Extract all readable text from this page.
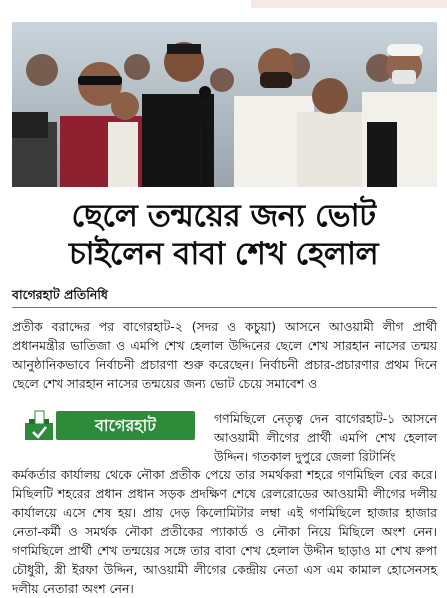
ছেলে তন্ময়ের জন্য ভোট
চাইলেন বাবা শেখ হেলাল
বাগেরহাট প্রতিনিধি
প্রতীক বরাদ্দের পর বাগেরহাট-২ (সদর ও কচুয়া) আসনে আওয়ামী লীগ প্রার্থী প্রধানমন্ত্রীর ভাতিজা ও এমপি শেখ হেলাল উদ্দিনের ছেলে শেখ সারহান নাসের তন্ময় আনুষ্ঠানিকভাবে নির্বাচনী প্রচারণা শুরু করেছেন। নির্বাচনী প্রচার-প্রচারণার প্রথম দিনে ছেলে শেখ সারহান নাসের তন্ময়ের জন্য ভোট চেয়ে সমাবেশ ও
বাগেরহাট	গণমিছিলে নেতৃত্ব দেন বাগেরহাট-১ আসনে আওয়ামী লীগের প্রার্থী এমপি শেখ হেলাল উদ্দিন। গতকাল দুপুরে জেলা রিটার্নিং
কর্মকর্তার কার্যালয় থেকে নৌকা প্রতীক পেয়ে তার সমর্থকরা শহরে গণমিছিল বের করে। মিছিলটি শহরের প্রধান প্রধান সড়ক প্রদক্ষিণ শেষে রেলরোডের আওয়ামী লীগের দলীয় কার্যালয়ে এসে শেষ হয়। প্রায় দেড় কিলোমিটার লম্বা এই গণমিছিলে হাজার হাজার নেতা-কর্মী ও সমর্থক নৌকা প্রতীকের প্যাকার্ড ও নৌকা নিয়ে মিছিলে অংশ নেন। গণমিছিলে প্রার্থী শেখ তন্ময়ের সঙ্গে তার বাবা শেখ হেলাল উদ্দীন ছাড়াও মা শেখ রুপা চৌধুরী, স্ত্রী ইরফা উদ্দিন, আওয়ামী লীগের কেন্দ্রীয় নেতা এস এম কামাল হোসেনসহ দলীয় নেতারা অংশ নেন।
